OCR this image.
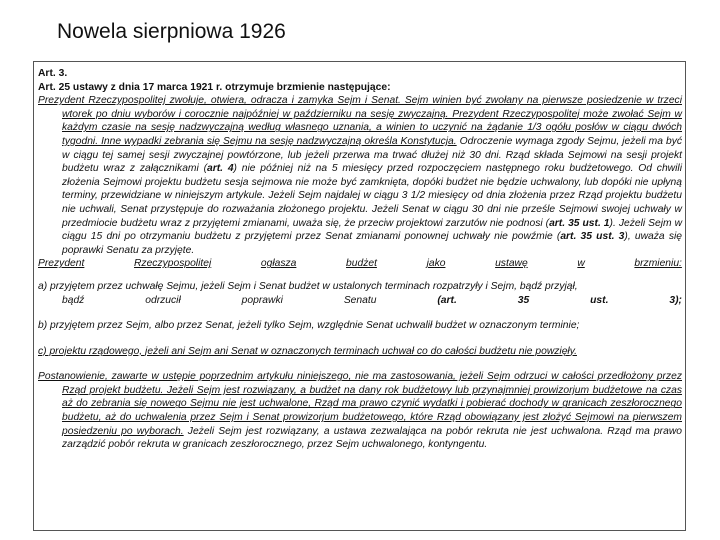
Nowela sierpniowa 1926

Art. 3.

Art. 25 ustawy z dnia 17 marca 1921 r. otrzymuje brzmienie następujące:

Prezydent Rzeczypospolitej zwołuje, otwiera, odracza i zamyka Sejm i Senat. Sejm winien być zwołany na pierwsze posiedzenie w trzeci wtorek po dniu wyborów i corocznie najpóźniej w październiku na sesję zwyczajną. Prezydent Rzeczypospolitej może zwołać Sejm w każdym czasie na sesję nadzwyczajną według własnego uznania, a winien to uczynić na żądanie 1/3 ogółu posłów w ciągu dwóch tygodni. Inne wypadki zebrania się Sejmu na sesję nadzwyczajną określa Konstytucja. Odroczenie wymaga zgody Sejmu, jeżeli ma być w ciągu tej samej sesji zwyczajnej powtórzone, lub jeżeli przerwa ma trwać dłużej niż 30 dni. Rząd składa Sejmowi na sesji projekt budżetu wraz z załącznikami (art. 4) nie później niż na 5 miesięcy przed rozpoczęciem następnego roku budżetowego. Od chwili złożenia Sejmowi projektu budżetu sesja sejmowa nie może być zamknięta, dopóki budżet nie będzie uchwalony, lub dopóki nie upłyną terminy, przewidziane w niniejszym artykule. Jeżeli Sejm najdalej w ciągu 3 1/2 miesięcy od dnia złożenia przez Rząd projektu budżetu nie uchwali, Senat przystępuje do rozważania złożonego projektu. Jeżeli Senat w ciągu 30 dni nie prześle Sejmowi swojej uchwały w przedmiocie budżetu wraz z przyjętemi zmianami, uważa się, że przeciw projektowi zarzutów nie podnosi (art. 35 ust. 1). Jeżeli Sejm w ciągu 15 dni po otrzymaniu budżetu z przyjętemi przez Senat zmianami ponownej uchwały nie powźmie (art. 35 ust. 3), uważa się poprawki Senatu za przyjęte.

Prezydent	Rzeczypospolitej	ogłasza	budżet	jako	ustawę	w	brzmieniu:

a) przyjętem przez uchwałę Sejmu, jeżeli Sejm i Senat budżet w ustalonych terminach rozpatrzyły i Sejm, bądź przyjął,

bądź	odrzucił	poprawki	Senatu	(art.	35	ust.	3);

b) przyjętem przez Sejm, albo przez Senat, jeżeli tylko Sejm, względnie Senat uchwalił budżet w oznaczonym terminie;

c) projektu rządowego, jeżeli ani Sejm ani Senat w oznaczonych terminach uchwał co do całości budżetu nie powzięły.

Postanowienie, zawarte w ustępie poprzednim artykułu niniejszego, nie ma zastosowania, jeżeli Sejm odrzuci w całości przedłożony przez Rząd projekt budżetu. Jeżeli Sejm jest rozwiązany, a budżet na dany rok budżetowy lub przynajmniej prowizorjum budżetowe na czas aż do zebrania się nowego Sejmu nie jest uchwalone, Rząd ma prawo czynić wydatki i pobierać dochody w granicach zeszłorocznego budżetu, aż do uchwalenia przez Sejm i Senat prowizorjum budżetowego, które Rząd obowiązany jest złożyć Sejmowi na pierwszem posiedzeniu po wyborach. Jeżeli Sejm jest rozwiązany, a ustawa zezwalająca na pobór rekruta nie jest uchwalona. Rząd ma prawo zarządzić pobór rekruta w granicach zeszłorocznego, przez Sejm uchwalonego, kontyngentu.
